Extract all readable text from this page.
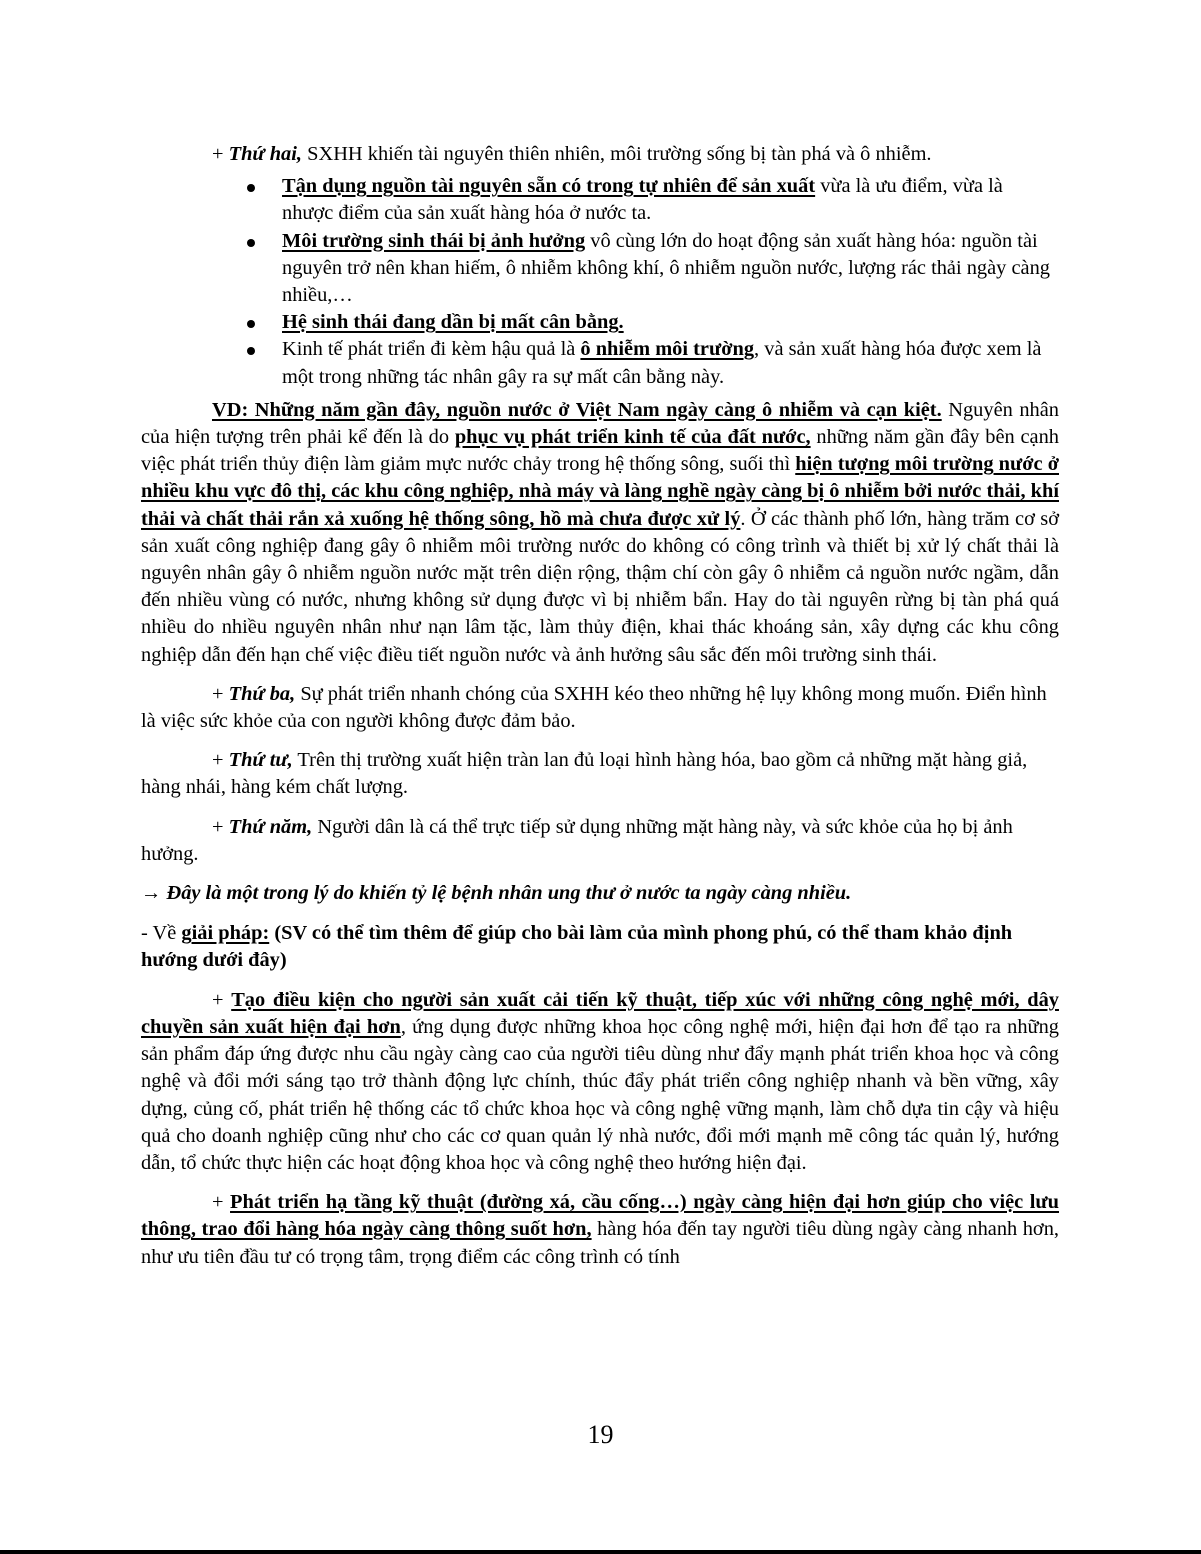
+ Thứ hai, SXHH khiến tài nguyên thiên nhiên, môi trường sống bị tàn phá và ô nhiễm.

Tận dụng nguồn tài nguyên sẵn có trong tự nhiên để sản xuất vừa là ưu điểm, vừa là nhược điểm của sản xuất hàng hóa ở nước ta.
Môi trường sinh thái bị ảnh hưởng vô cùng lớn do hoạt động sản xuất hàng hóa: nguồn tài nguyên trở nên khan hiếm, ô nhiễm không khí, ô nhiễm nguồn nước, lượng rác thải ngày càng nhiều,…
Hệ sinh thái đang dần bị mất cân bằng.
Kinh tế phát triển đi kèm hậu quả là ô nhiễm môi trường, và sản xuất hàng hóa được xem là một trong những tác nhân gây ra sự mất cân bằng này.

VD: Những năm gần đây, nguồn nước ở Việt Nam ngày càng ô nhiễm và cạn kiệt. Nguyên nhân của hiện tượng trên phải kể đến là do phục vụ phát triển kinh tế của đất nước, những năm gần đây bên cạnh việc phát triển thủy điện làm giảm mực nước chảy trong hệ thống sông, suối thì hiện tượng môi trường nước ở nhiều khu vực đô thị, các khu công nghiệp, nhà máy và làng nghề ngày càng bị ô nhiễm bởi nước thải, khí thải và chất thải rắn xả xuống hệ thống sông, hồ mà chưa được xử lý. Ở các thành phố lớn, hàng trăm cơ sở sản xuất công nghiệp đang gây ô nhiễm môi trường nước do không có công trình và thiết bị xử lý chất thải là nguyên nhân gây ô nhiễm nguồn nước mặt trên diện rộng, thậm chí còn gây ô nhiễm cả nguồn nước ngầm, dẫn đến nhiều vùng có nước, nhưng không sử dụng được vì bị nhiễm bẩn. Hay do tài nguyên rừng bị tàn phá quá nhiều do nhiều nguyên nhân như nạn lâm tặc, làm thủy điện, khai thác khoáng sản, xây dựng các khu công nghiệp dẫn đến hạn chế việc điều tiết nguồn nước và ảnh hưởng sâu sắc đến môi trường sinh thái.

+ Thứ ba, Sự phát triển nhanh chóng của SXHH kéo theo những hệ lụy không mong muốn. Điển hình là việc sức khỏe của con người không được đảm bảo.

+ Thứ tư, Trên thị trường xuất hiện tràn lan đủ loại hình hàng hóa, bao gồm cả những mặt hàng giả, hàng nhái, hàng kém chất lượng.

+ Thứ năm, Người dân là cá thể trực tiếp sử dụng những mặt hàng này, và sức khỏe của họ bị ảnh hưởng.

→ Đây là một trong lý do khiến tỷ lệ bệnh nhân ung thư ở nước ta ngày càng nhiều.

- Về giải pháp: (SV có thể tìm thêm để giúp cho bài làm của mình phong phú, có thể tham khảo định hướng dưới đây)

+ Tạo điều kiện cho người sản xuất cải tiến kỹ thuật, tiếp xúc với những công nghệ mới, dây chuyền sản xuất hiện đại hơn, ứng dụng được những khoa học công nghệ mới, hiện đại hơn để tạo ra những sản phẩm đáp ứng được nhu cầu ngày càng cao của người tiêu dùng như đẩy mạnh phát triển khoa học và công nghệ và đổi mới sáng tạo trở thành động lực chính, thúc đẩy phát triển công nghiệp nhanh và bền vững, xây dựng, củng cố, phát triển hệ thống các tổ chức khoa học và công nghệ vững mạnh, làm chỗ dựa tin cậy và hiệu quả cho doanh nghiệp cũng như cho các cơ quan quản lý nhà nước, đổi mới mạnh mẽ công tác quản lý, hướng dẫn, tổ chức thực hiện các hoạt động khoa học và công nghệ theo hướng hiện đại.

+ Phát triển hạ tầng kỹ thuật (đường xá, cầu cống…) ngày càng hiện đại hơn giúp cho việc lưu thông, trao đổi hàng hóa ngày càng thông suốt hơn, hàng hóa đến tay người tiêu dùng ngày càng nhanh hơn, như ưu tiên đầu tư có trọng tâm, trọng điểm các công trình có tính

19
